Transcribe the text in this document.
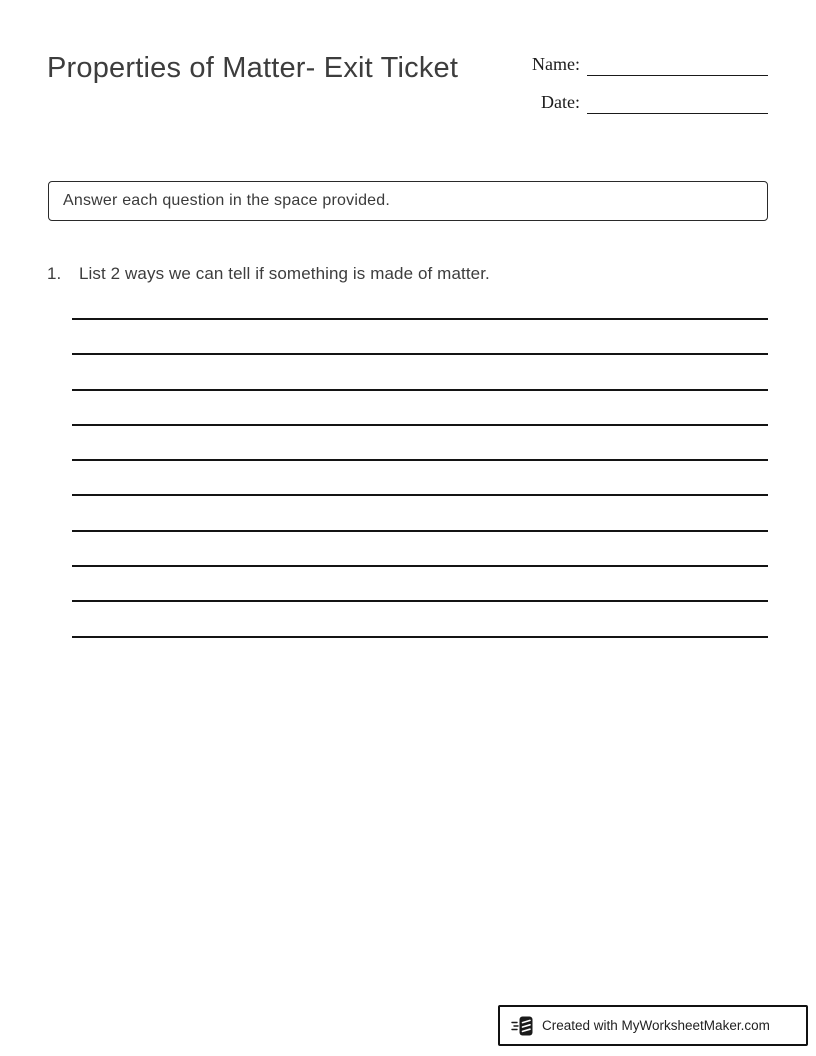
Properties of Matter- Exit Ticket	Name:
Date:
Answer each question in the space provided.
1.	List 2 ways we can tell if something is made of matter.
Created with MyWorksheetMaker.com
